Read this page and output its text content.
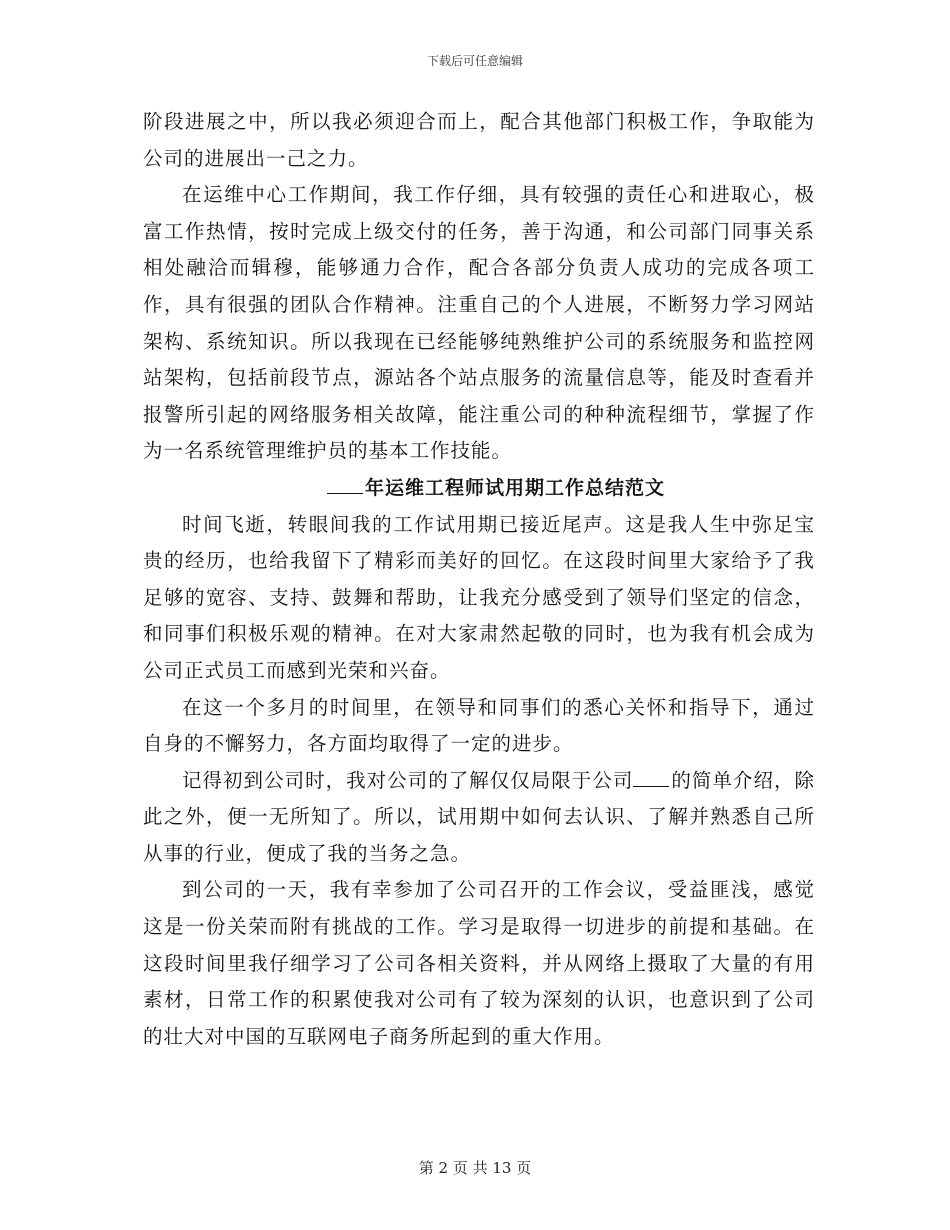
下载后可任意编辑

阶段进展之中，所以我必须迎合而上，配合其他部门积极工作，争取能为公司的进展出一己之力。

在运维中心工作期间，我工作仔细，具有较强的责任心和进取心，极富工作热情，按时完成上级交付的任务，善于沟通，和公司部门同事关系相处融洽而辑穆，能够通力合作，配合各部分负责人成功的完成各项工作，具有很强的团队合作精神。注重自己的个人进展，不断努力学习网站架构、系统知识。所以我现在已经能够纯熟维护公司的系统服务和监控网站架构，包括前段节点，源站各个站点服务的流量信息等，能及时查看并报警所引起的网络服务相关故障，能注重公司的种种流程细节，掌握了作为一名系统管理维护员的基本工作技能。

年运维工程师试用期工作总结范文

时间飞逝，转眼间我的工作试用期已接近尾声。这是我人生中弥足宝贵的经历，也给我留下了精彩而美好的回忆。在这段时间里大家给予了我足够的宽容、支持、鼓舞和帮助，让我充分感受到了领导们坚定的信念，和同事们积极乐观的精神。在对大家肃然起敬的同时，也为我有机会成为公司正式员工而感到光荣和兴奋。

在这一个多月的时间里，在领导和同事们的悉心关怀和指导下，通过自身的不懈努力，各方面均取得了一定的进步。

记得初到公司时，我对公司的了解仅仅局限于公司 的简单介绍，除此之外，便一无所知了。所以，试用期中如何去认识、了解并熟悉自己所从事的行业，便成了我的当务之急。

到公司的一天，我有幸参加了公司召开的工作会议，受益匪浅，感觉这是一份关荣而附有挑战的工作。学习是取得一切进步的前提和基础。在这段时间里我仔细学习了公司各相关资料，并从网络上摄取了大量的有用素材，日常工作的积累使我对公司有了较为深刻的认识，也意识到了公司的壮大对中国的互联网电子商务所起到的重大作用。

第 2 页 共 13 页
